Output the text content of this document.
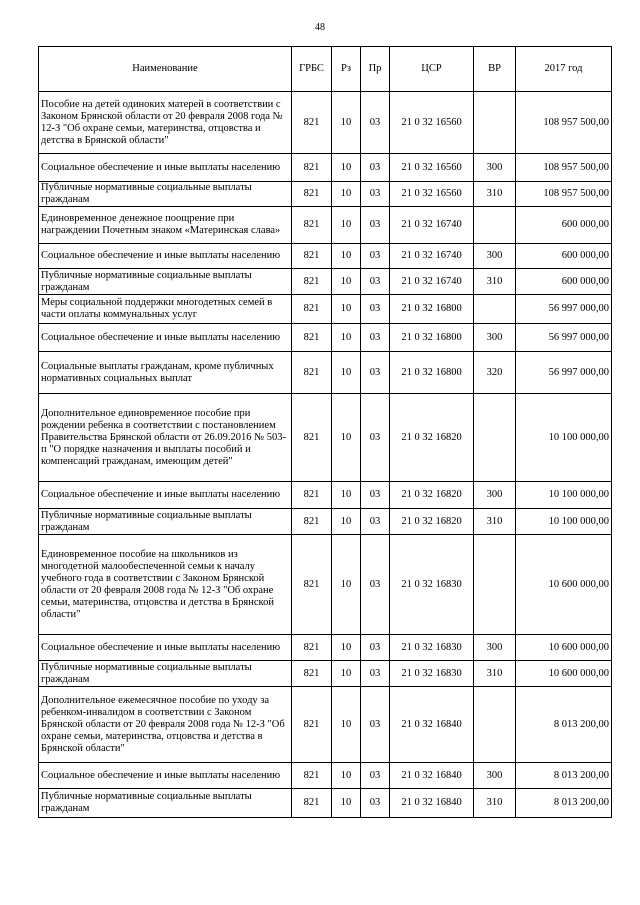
48
Наименование	ГРБС	Рз	Пр	ЦСР	ВР	2017 год
Пособие на детей одиноких матерей в соответствии с Законом Брянской области от 20 февраля 2008 года № 12-З "Об охране семьи, материнства, отцовства и детства в Брянской области"	821	10	03	21 0 32 16560		108 957 500,00
Социальное обеспечение и иные выплаты населению	821	10	03	21 0 32 16560	300	108 957 500,00
Публичные нормативные социальные выплаты гражданам	821	10	03	21 0 32 16560	310	108 957 500,00
Единовременное денежное поощрение при награждении Почетным знаком «Материнская слава»	821	10	03	21 0 32 16740		600 000,00
Социальное обеспечение и иные выплаты населению	821	10	03	21 0 32 16740	300	600 000,00
Публичные нормативные социальные выплаты гражданам	821	10	03	21 0 32 16740	310	600 000,00
Меры социальной поддержки многодетных семей в части оплаты коммунальных услуг	821	10	03	21 0 32 16800		56 997 000,00
Социальное обеспечение и иные выплаты населению	821	10	03	21 0 32 16800	300	56 997 000,00
Социальные выплаты гражданам, кроме публичных нормативных социальных выплат	821	10	03	21 0 32 16800	320	56 997 000,00
Дополнительное единовременное пособие при рождении ребенка в соответствии с постановлением Правительства Брянской области от 26.09.2016 № 503-п "О порядке назначения и выплаты пособий и компенсаций гражданам, имеющим детей"	821	10	03	21 0 32 16820		10 100 000,00
Социальное обеспечение и иные выплаты населению	821	10	03	21 0 32 16820	300	10 100 000,00
Публичные нормативные социальные выплаты гражданам	821	10	03	21 0 32 16820	310	10 100 000,00
Единовременное пособие на школьников из многодетной малообеспеченной семьи к началу учебного года в соответствии с Законом Брянской области от 20 февраля 2008 года № 12-З "Об охране семьи, материнства, отцовства и детства в Брянской области"	821	10	03	21 0 32 16830		10 600 000,00
Социальное обеспечение и иные выплаты населению	821	10	03	21 0 32 16830	300	10 600 000,00
Публичные нормативные социальные выплаты гражданам	821	10	03	21 0 32 16830	310	10 600 000,00
Дополнительное ежемесячное пособие по уходу за ребенком-инвалидом в соответствии с Законом Брянской области от 20 февраля 2008 года № 12-З "Об охране семьи, материнства, отцовства и детства в Брянской области"	821	10	03	21 0 32 16840		8 013 200,00
Социальное обеспечение и иные выплаты населению	821	10	03	21 0 32 16840	300	8 013 200,00
Публичные нормативные социальные выплаты гражданам	821	10	03	21 0 32 16840	310	8 013 200,00
